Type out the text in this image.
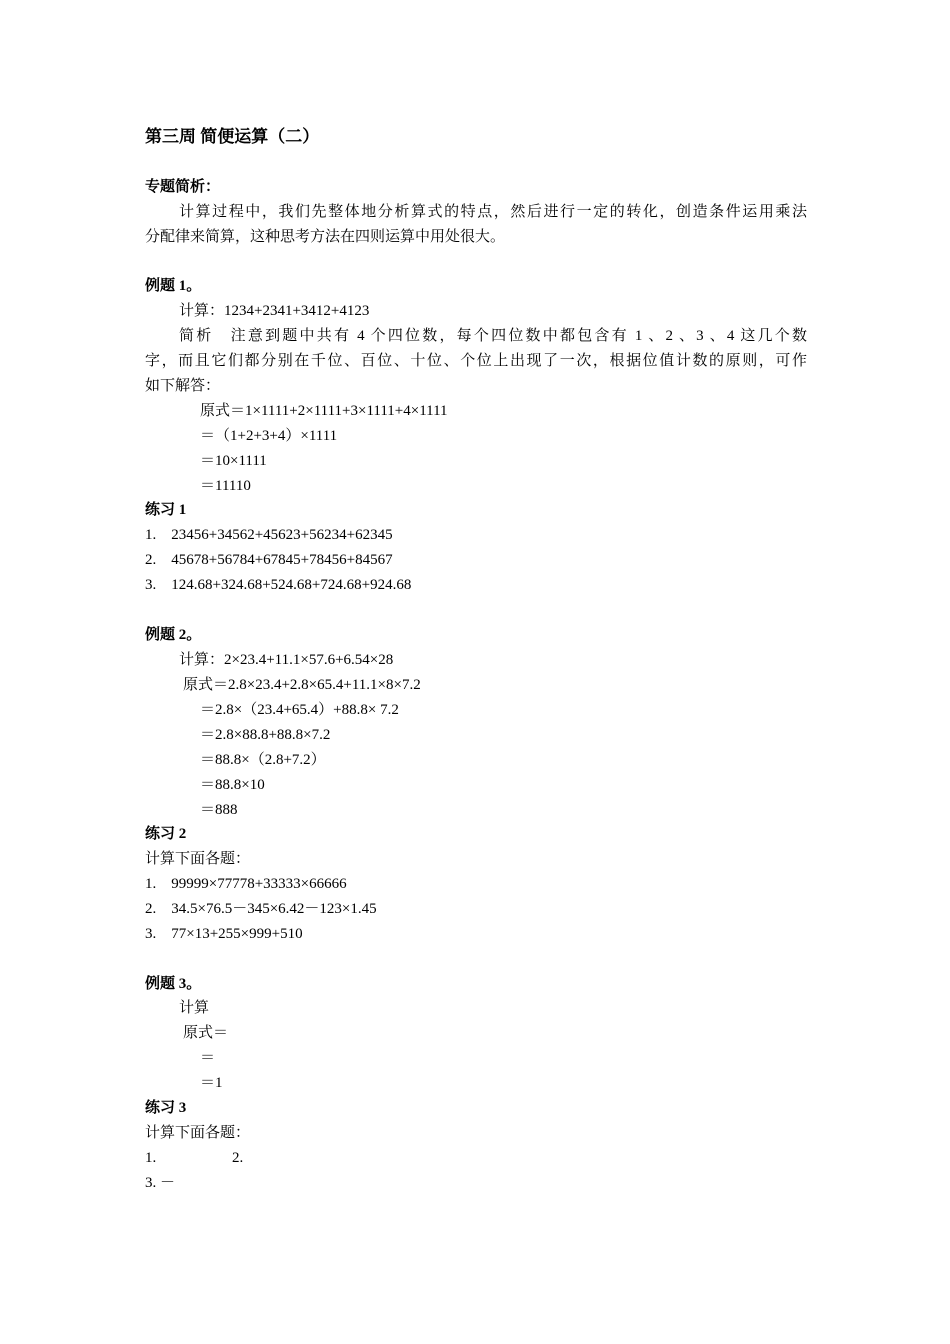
第三周 简便运算（二）
专题简析：
计算过程中，我们先整体地分析算式的特点，然后进行一定的转化，创造条件运用乘法
分配律来简算，这种思考方法在四则运算中用处很大。
例题 1。
计算：1234+2341+3412+4123
简析　注意到题中共有 4 个四位数，每个四位数中都包含有 1 、2 、3 、4 这几个数
字，而且它们都分别在千位、百位、十位、个位上出现了一次，根据位值计数的原则，可作
如下解答：
原式＝1×1111+2×1111+3×1111+4×1111
＝（1+2+3+4）×1111
＝10×1111
＝11110
练习 1
1.　23456+34562+45623+56234+62345
2.　45678+56784+67845+78456+84567
3.　124.68+324.68+524.68+724.68+924.68
例题 2。
计算：2×23.4+11.1×57.6+6.54×28
原式＝2.8×23.4+2.8×65.4+11.1×8×7.2
＝2.8×（23.4+65.4）+88.8× 7.2
＝2.8×88.8+88.8×7.2
＝88.8×（2.8+7.2）
＝88.8×10
＝888
练习 2
计算下面各题：
1.　99999×77778+33333×66666
2.　34.5×76.5－345×6.42－123×1.45
3.　77×13+255×999+510
例题 3。
计算
原式＝
＝
＝1
练习 3
计算下面各题：
1.	2.
3. －
